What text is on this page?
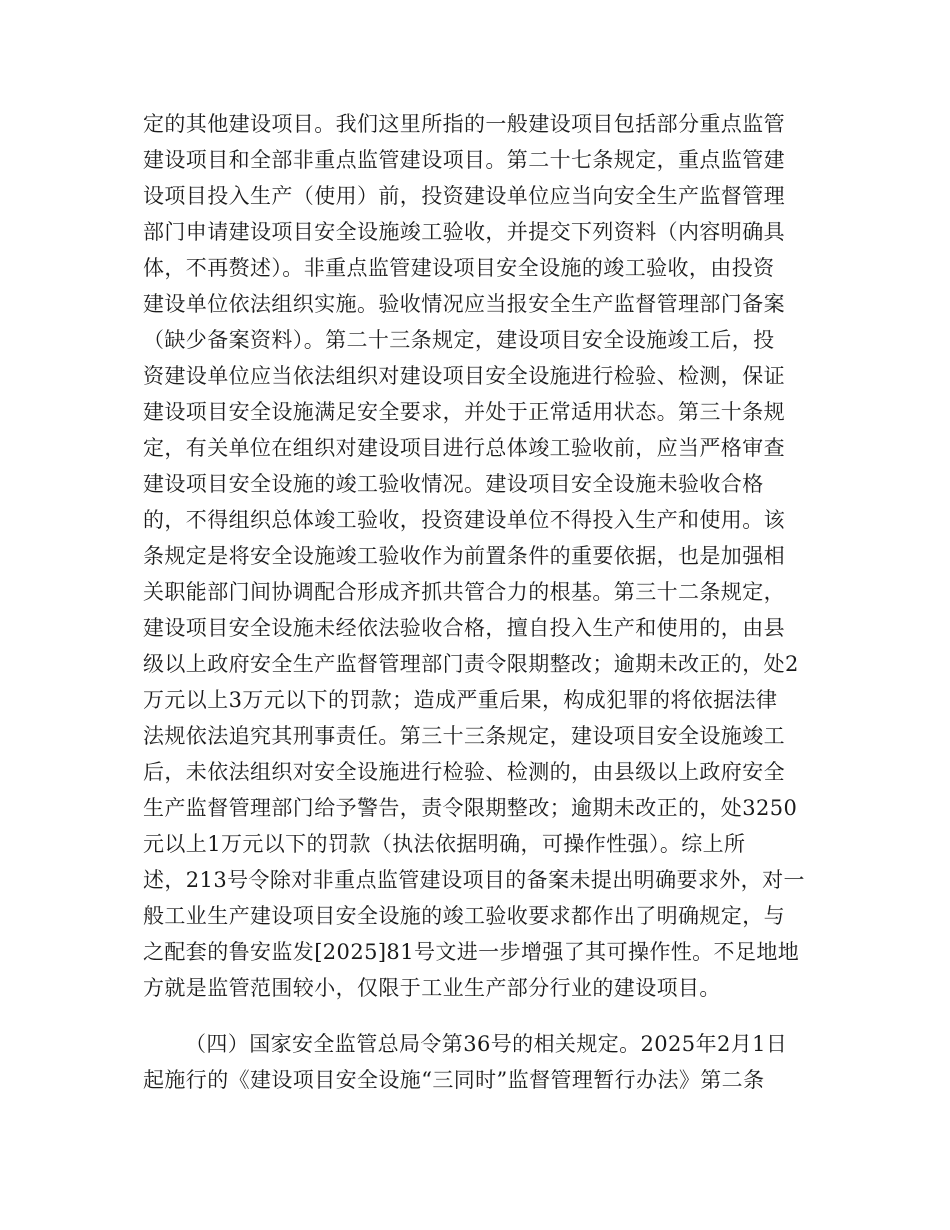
定的其他建设项目。我们这里所指的一般建设项目包括部分重点监管
建设项目和全部非重点监管建设项目。第二十七条规定，重点监管建
设项目投入生产（使用）前，投资建设单位应当向安全生产监督管理
部门申请建设项目安全设施竣工验收，并提交下列资料（内容明确具
体，不再赘述）。非重点监管建设项目安全设施的竣工验收，由投资
建设单位依法组织实施。验收情况应当报安全生产监督管理部门备案
（缺少备案资料）。第二十三条规定，建设项目安全设施竣工后，投
资建设单位应当依法组织对建设项目安全设施进行检验、检测，保证
建设项目安全设施满足安全要求，并处于正常适用状态。第三十条规
定，有关单位在组织对建设项目进行总体竣工验收前，应当严格审查
建设项目安全设施的竣工验收情况。建设项目安全设施未验收合格
的，不得组织总体竣工验收，投资建设单位不得投入生产和使用。该
条规定是将安全设施竣工验收作为前置条件的重要依据，也是加强相
关职能部门间协调配合形成齐抓共管合力的根基。第三十二条规定，
建设项目安全设施未经依法验收合格，擅自投入生产和使用的，由县
级以上政府安全生产监督管理部门责令限期整改；逾期未改正的，处2
万元以上3万元以下的罚款；造成严重后果，构成犯罪的将依据法律
法规依法追究其刑事责任。第三十三条规定，建设项目安全设施竣工
后，未依法组织对安全设施进行检验、检测的，由县级以上政府安全
生产监督管理部门给予警告，责令限期整改；逾期未改正的，处3250
元以上1万元以下的罚款（执法依据明确，可操作性强）。综上所
述，213号令除对非重点监管建设项目的备案未提出明确要求外，对一
般工业生产建设项目安全设施的竣工验收要求都作出了明确规定，与
之配套的鲁安监发[2025]81号文进一步增强了其可操作性。不足地地
方就是监管范围较小，仅限于工业生产部分行业的建设项目。
（四）国家安全监管总局令第36号的相关规定。2025年2月1日
起施行的《建设项目安全设施“三同时”监督管理暂行办法》第二条
